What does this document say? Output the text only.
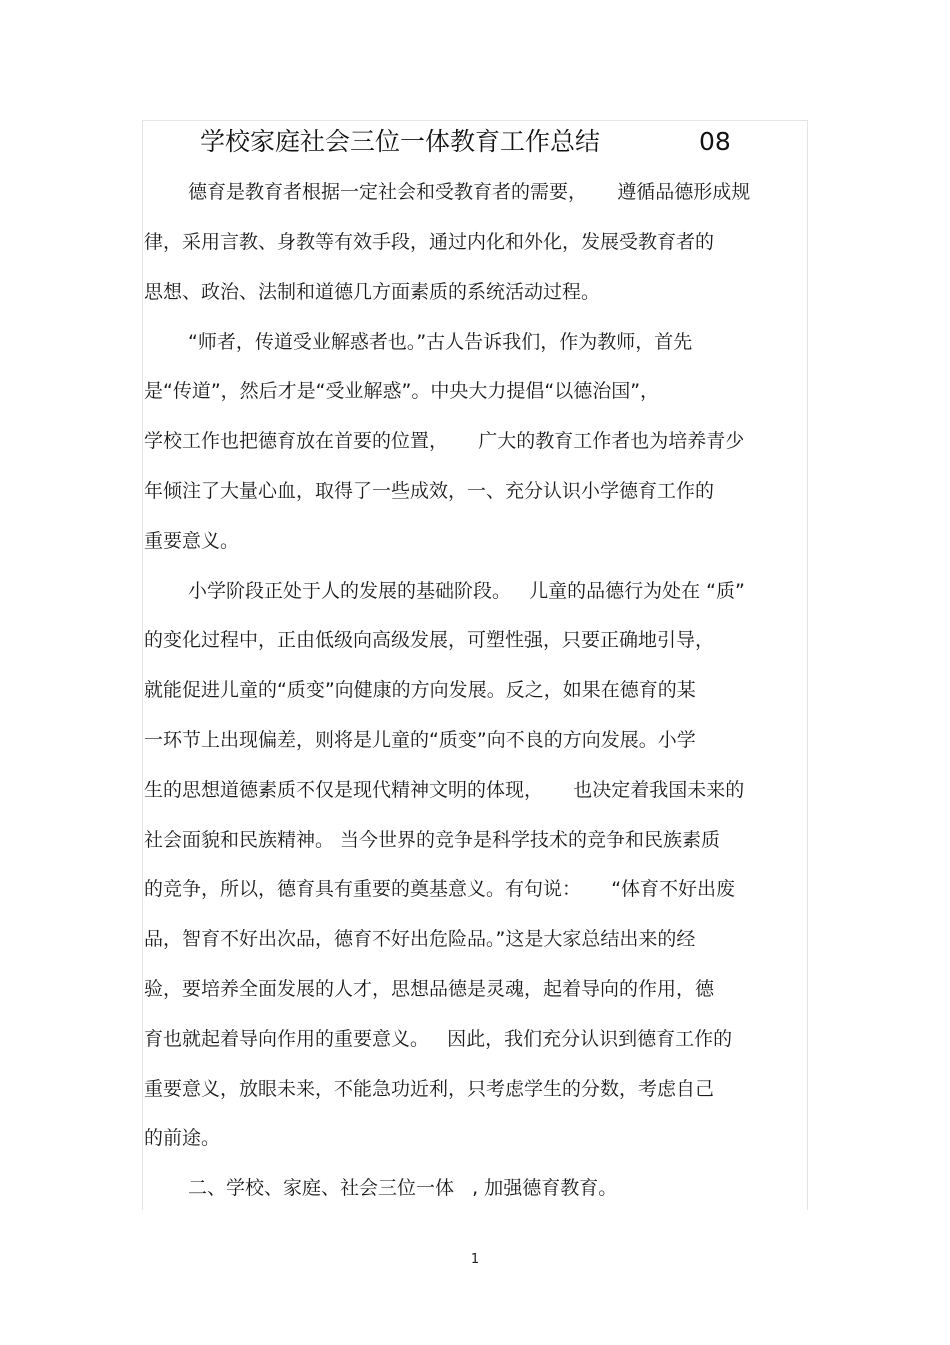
学校家庭社会三位一体教育工作总结	08
德育是教育者根据一定社会和受教育者的需要，     遵循品德形成规
律，采用言教、身教等有效手段，通过内化和外化，发展受教育者的
思想、政治、法制和道德几方面素质的系统活动过程。
“师者，传道受业解惑者也。”古人告诉我们，作为教师，首先
是“传道”，然后才是“受业解惑”。中央大力提倡“以德治国”，
学校工作也把德育放在首要的位置，     广大的教育工作者也为培养青少
年倾注了大量心血，取得了一些成效，一、充分认识小学德育工作的
重要意义。
小学阶段正处于人的发展的基础阶段。   儿童的品德行为处在 “质”
的变化过程中，正由低级向高级发展，可塑性强，只要正确地引导，
就能促进儿童的“质变”向健康的方向发展。反之，如果在德育的某
一环节上出现偏差，则将是儿童的“质变”向不良的方向发展。小学
生的思想道德素质不仅是现代精神文明的体现，     也决定着我国未来的
社会面貌和民族精神。 当今世界的竞争是科学技术的竞争和民族素质
的竞争，所以，德育具有重要的奠基意义。有句说：     “体育不好出废
品，智育不好出次品，德育不好出危险品。”这是大家总结出来的经
验，要培养全面发展的人才，思想品德是灵魂，起着导向的作用，德
育也就起着导向作用的重要意义。   因此，我们充分认识到德育工作的
重要意义，放眼未来，不能急功近利，只考虑学生的分数，考虑自己
的前途。
二、学校、家庭、社会三位一体   , 加强德育教育。
1
